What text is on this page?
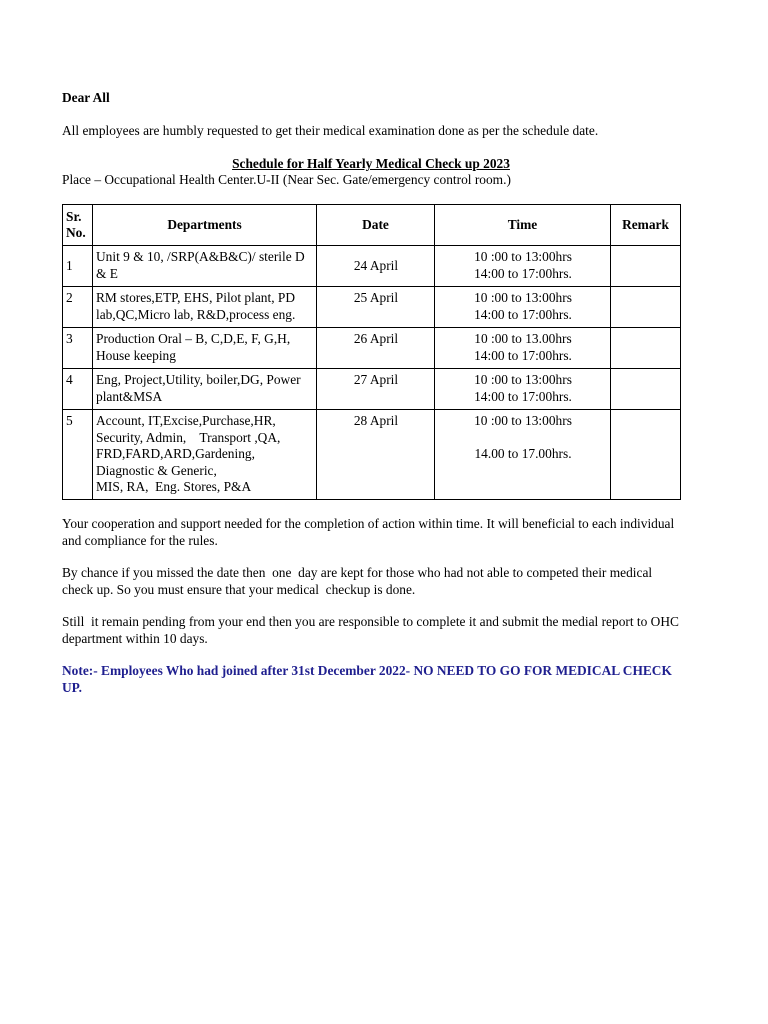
Dear All
All employees are humbly requested to get their medical examination done as per the schedule date.
Schedule for Half Yearly Medical Check up 2023
Place – Occupational Health Center.U-II (Near Sec. Gate/emergency control room.)
Sr. No.	Departments	Date	Time	Remark
1	Unit 9 & 10, /SRP(A&B&C)/ sterile D & E	24 April	10 :00 to 13:00hrs
14:00 to 17:00hrs.	

2	RM stores,ETP, EHS, Pilot plant, PD lab,QC,Micro lab, R&D,process eng.	25 April	10 :00 to 13:00hrs
14:00 to 17:00hrs.	

3	Production Oral – B, C,D,E, F, G,H, House keeping	26 April	10 :00 to 13.00hrs
14:00 to 17:00hrs.	

4	Eng, Project,Utility, boiler,DG, Power plant&MSA	27 April	10 :00 to 13:00hrs
14:00 to 17:00hrs.	

5	Account, IT,Excise,Purchase,HR,
Security, Admin,    Transport ,QA,
FRD,FARD,ARD,Gardening,
Diagnostic & Generic,
MIS, RA,  Eng. Stores, P&A	28 April	10 :00 to 13:00hrs

14.00 to 17.00hrs.	

Your cooperation and support needed for the completion of action within time. It will beneficial to each individual and compliance for the rules.
By chance if you missed the date then  one  day are kept for those who had not able to competed their medical check up. So you must ensure that your medical  checkup is done.
Still  it remain pending from your end then you are responsible to complete it and submit the medial report to OHC department within 10 days.
Note:- Employees Who had joined after 31st December 2022- NO NEED TO GO FOR MEDICAL CHECK UP.
